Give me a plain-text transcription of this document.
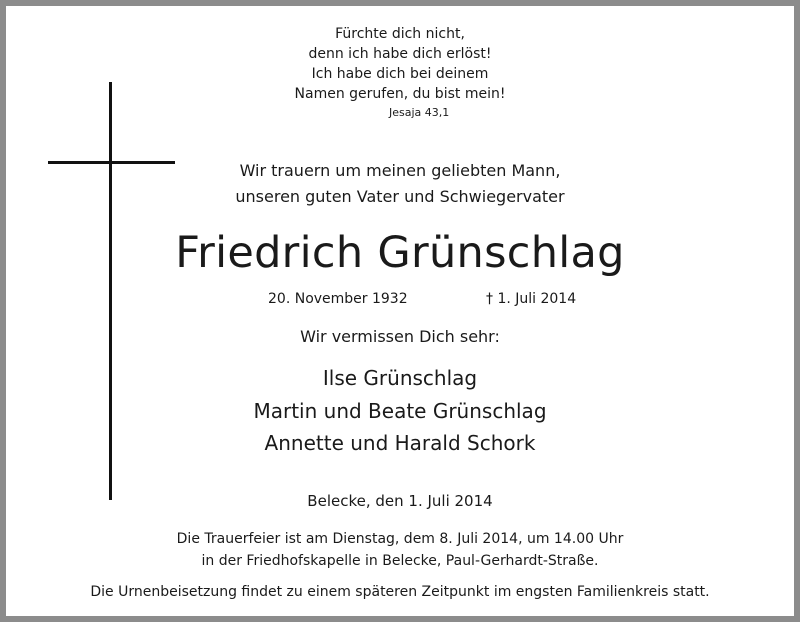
Fürchte dich nicht,
denn ich habe dich erlöst!
Ich habe dich bei deinem
Namen gerufen, du bist mein!
Jesaja 43,1
Wir trauern um meinen geliebten Mann,
unseren guten Vater und Schwiegervater
Friedrich Grünschlag
20. November 1932	† 1. Juli 2014
Wir vermissen Dich sehr:
Ilse Grünschlag
Martin und Beate Grünschlag
Annette und Harald Schork
Belecke, den 1. Juli 2014
Die Trauerfeier ist am Dienstag, dem 8. Juli 2014, um 14.00 Uhr
in der Friedhofskapelle in Belecke, Paul-Gerhardt-Straße.
Die Urnenbeisetzung findet zu einem späteren Zeitpunkt im engsten Familienkreis statt.
